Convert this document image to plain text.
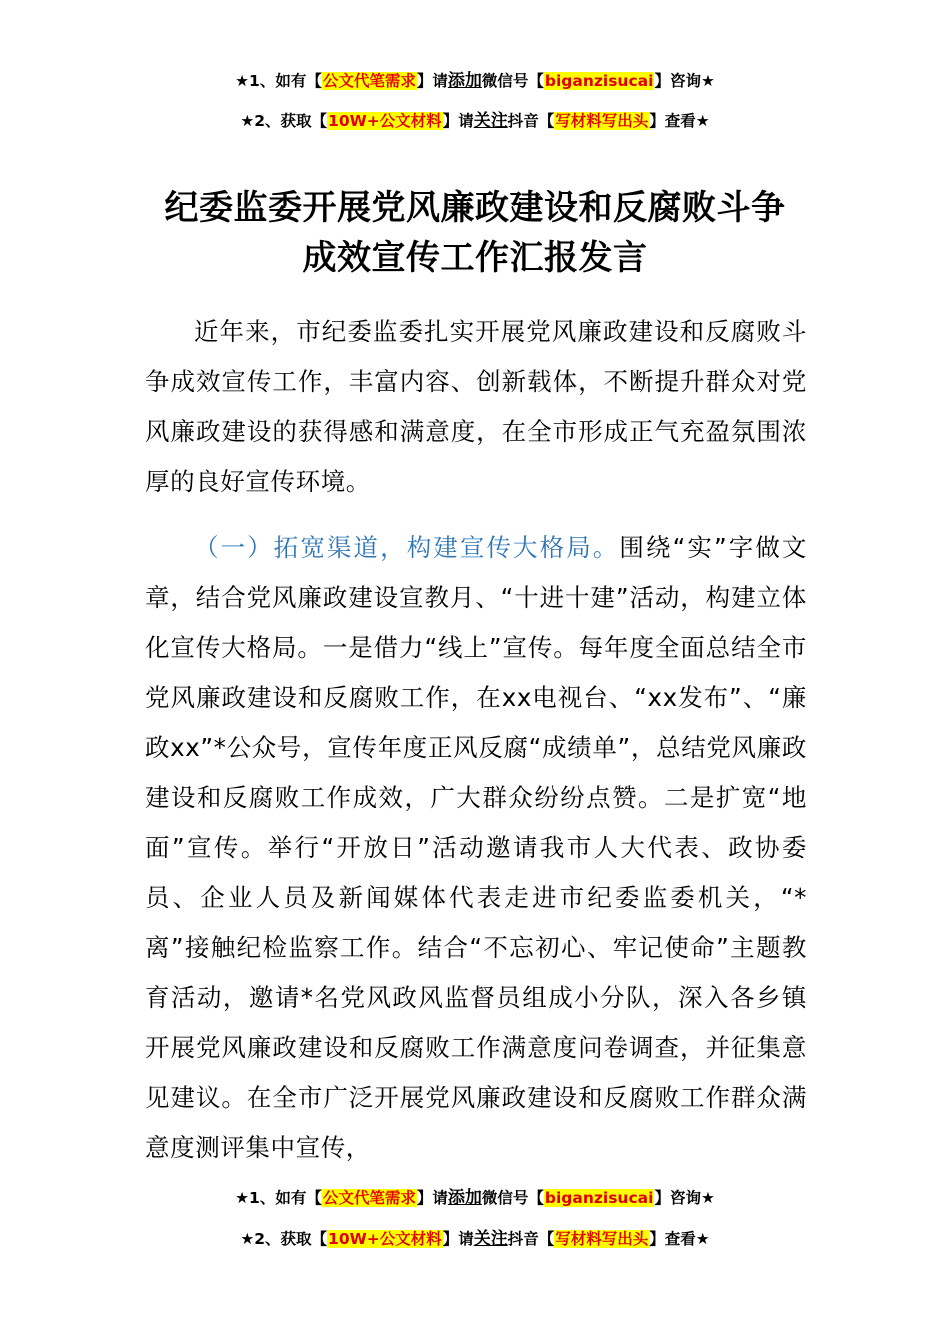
★1、如有【公文代笔需求】请添加微信号【biganzisucai】咨询★
★2、获取【10W+公文材料】请关注抖音【写材料写出头】查看★
纪委监委开展党风廉政建设和反腐败斗争
成效宣传工作汇报发言
近年来，市纪委监委扎实开展党风廉政建设和反腐败斗争成效宣传工作，丰富内容、创新载体，不断提升群众对党风廉政建设的获得感和满意度，在全市形成正气充盈氛围浓厚的良好宣传环境。
（一）拓宽渠道，构建宣传大格局。围绕“实”字做文章，结合党风廉政建设宣教月、“十进十建”活动，构建立体化宣传大格局。一是借力“线上”宣传。每年度全面总结全市党风廉政建设和反腐败工作，在xx电视台、“xx发布”、“廉政xx”*公众号，宣传年度正风反腐“成绩单”，总结党风廉政建设和反腐败工作成效，广大群众纷纷点赞。二是扩宽“地面”宣传。举行“开放日”活动邀请我市人大代表、政协委员、企业人员及新闻媒体代表走进市纪委监委机关，“*离”接触纪检监察工作。结合“不忘初心、牢记使命”主题教育活动，邀请*名党风政风监督员组成小分队，深入各乡镇开展党风廉政建设和反腐败工作满意度问卷调查，并征集意见建议。在全市广泛开展党风廉政建设和反腐败工作群众满意度测评集中宣传，
★1、如有【公文代笔需求】请添加微信号【biganzisucai】咨询★
★2、获取【10W+公文材料】请关注抖音【写材料写出头】查看★
